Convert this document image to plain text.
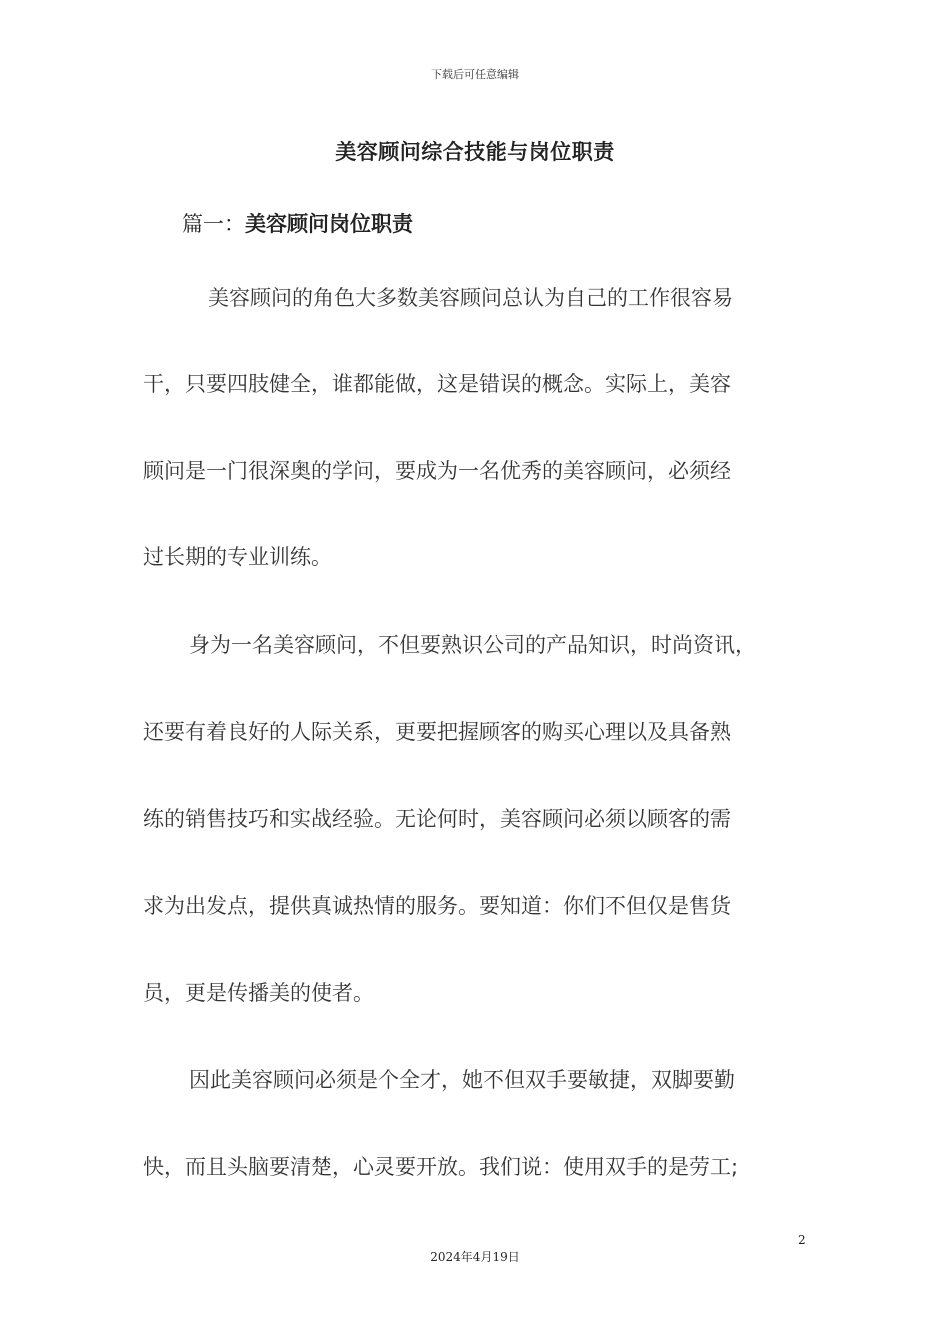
下载后可任意编辑
美容顾问综合技能与岗位职责
篇一：美容顾问岗位职责
美容顾问的角色大多数美容顾问总认为自己的工作很容易
干，只要四肢健全，谁都能做，这是错误的概念。实际上，美容
顾问是一门很深奥的学问，要成为一名优秀的美容顾问，必须经
过长期的专业训练。
身为一名美容顾问，不但要熟识公司的产品知识，时尚资讯，
还要有着良好的人际关系，更要把握顾客的购买心理以及具备熟
练的销售技巧和实战经验。无论何时，美容顾问必须以顾客的需
求为出发点，提供真诚热情的服务。要知道：你们不但仅是售货
员，更是传播美的使者。
因此美容顾问必须是个全才，她不但双手要敏捷，双脚要勤
快，而且头脑要清楚，心灵要开放。我们说：使用双手的是劳工;
2
2024年4月19日
